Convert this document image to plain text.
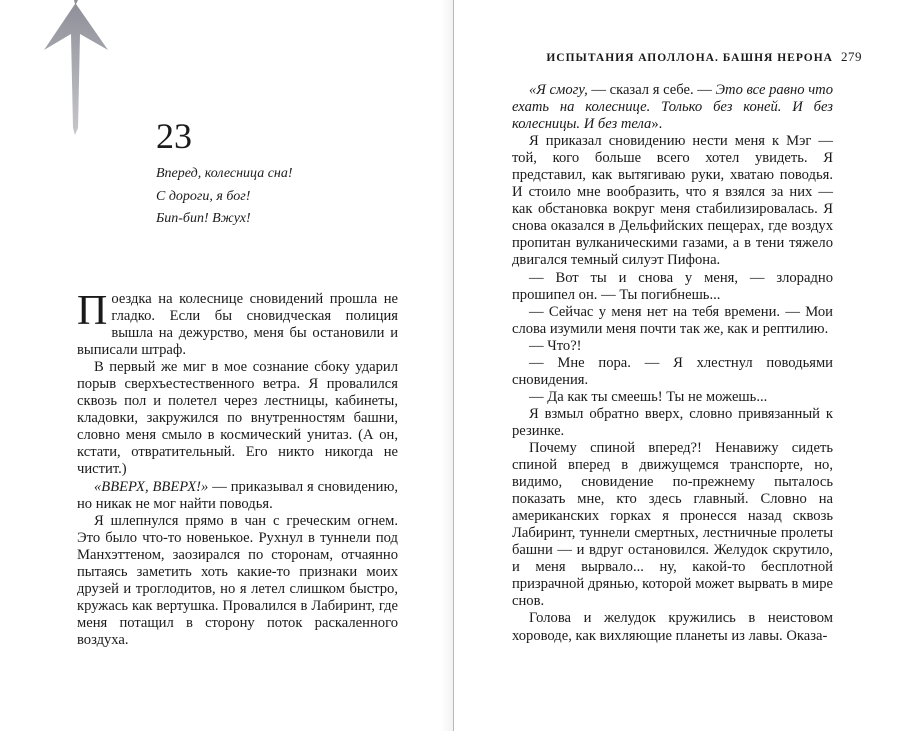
23
Вперед, колесница сна!
С дороги, я бог!
Бип-бип! Вжух!

Поездка на колеснице сновидений прошла не гладко. Если бы сновидческая полиция вышла на дежурство, меня бы остановили и выписали штраф.

В первый же миг в мое сознание сбоку ударил порыв сверхъестественного ветра. Я провалился сквозь пол и полетел через лестницы, кабинеты, кладовки, закружился по внутренностям башни, словно меня смыло в космический унитаз. (А он, кстати, отвратительный. Его никто никогда не чистит.)

«ВВЕРХ, ВВЕРХ!» — приказывал я сновидению, но никак не мог найти поводья.

Я шлепнулся прямо в чан с греческим огнем. Это было что-то новенькое. Рухнул в туннели под Манхэттеном, заозирался по сторонам, отчаянно пытаясь заметить хоть какие-то признаки моих друзей и троглодитов, но я летел слишком быстро, кружась как вертушка. Провалился в Лабиринт, где меня потащил в сторону поток раскаленного воздуха.

ИСПЫТАНИЯ АПОЛЛОНА. БАШНЯ НЕРОНА 279

«Я смогу, — сказал я себе. — Это все равно что ехать на колеснице. Только без коней. И без колесницы. И без тела».

Я приказал сновидению нести меня к Мэг — той, кого больше всего хотел увидеть. Я представил, как вытягиваю руки, хватаю поводья. И стоило мне вообразить, что я взялся за них — как обстановка вокруг меня стабилизировалась. Я снова оказался в Дельфийских пещерах, где воздух пропитан вулканическими газами, а в тени тяжело двигался темный силуэт Пифона.

— Вот ты и снова у меня, — злорадно прошипел он. — Ты погибнешь...

— Сейчас у меня нет на тебя времени. — Мои слова изумили меня почти так же, как и рептилию.

— Что?!

— Мне пора. — Я хлестнул поводьями сновидения.

— Да как ты смеешь! Ты не можешь...

Я взмыл обратно вверх, словно привязанный к резинке.

Почему спиной вперед?! Ненавижу сидеть спиной вперед в движущемся транспорте, но, видимо, сновидение по-прежнему пыталось показать мне, кто здесь главный. Словно на американских горках я пронесся назад сквозь Лабиринт, туннели смертных, лестничные пролеты башни — и вдруг остановился. Желудок скрутило, и меня вырвало... ну, какой-то бесплотной призрачной дрянью, которой может вырвать в мире снов.

Голова и желудок кружились в неистовом хороводе, как вихляющие планеты из лавы. Оказа-
